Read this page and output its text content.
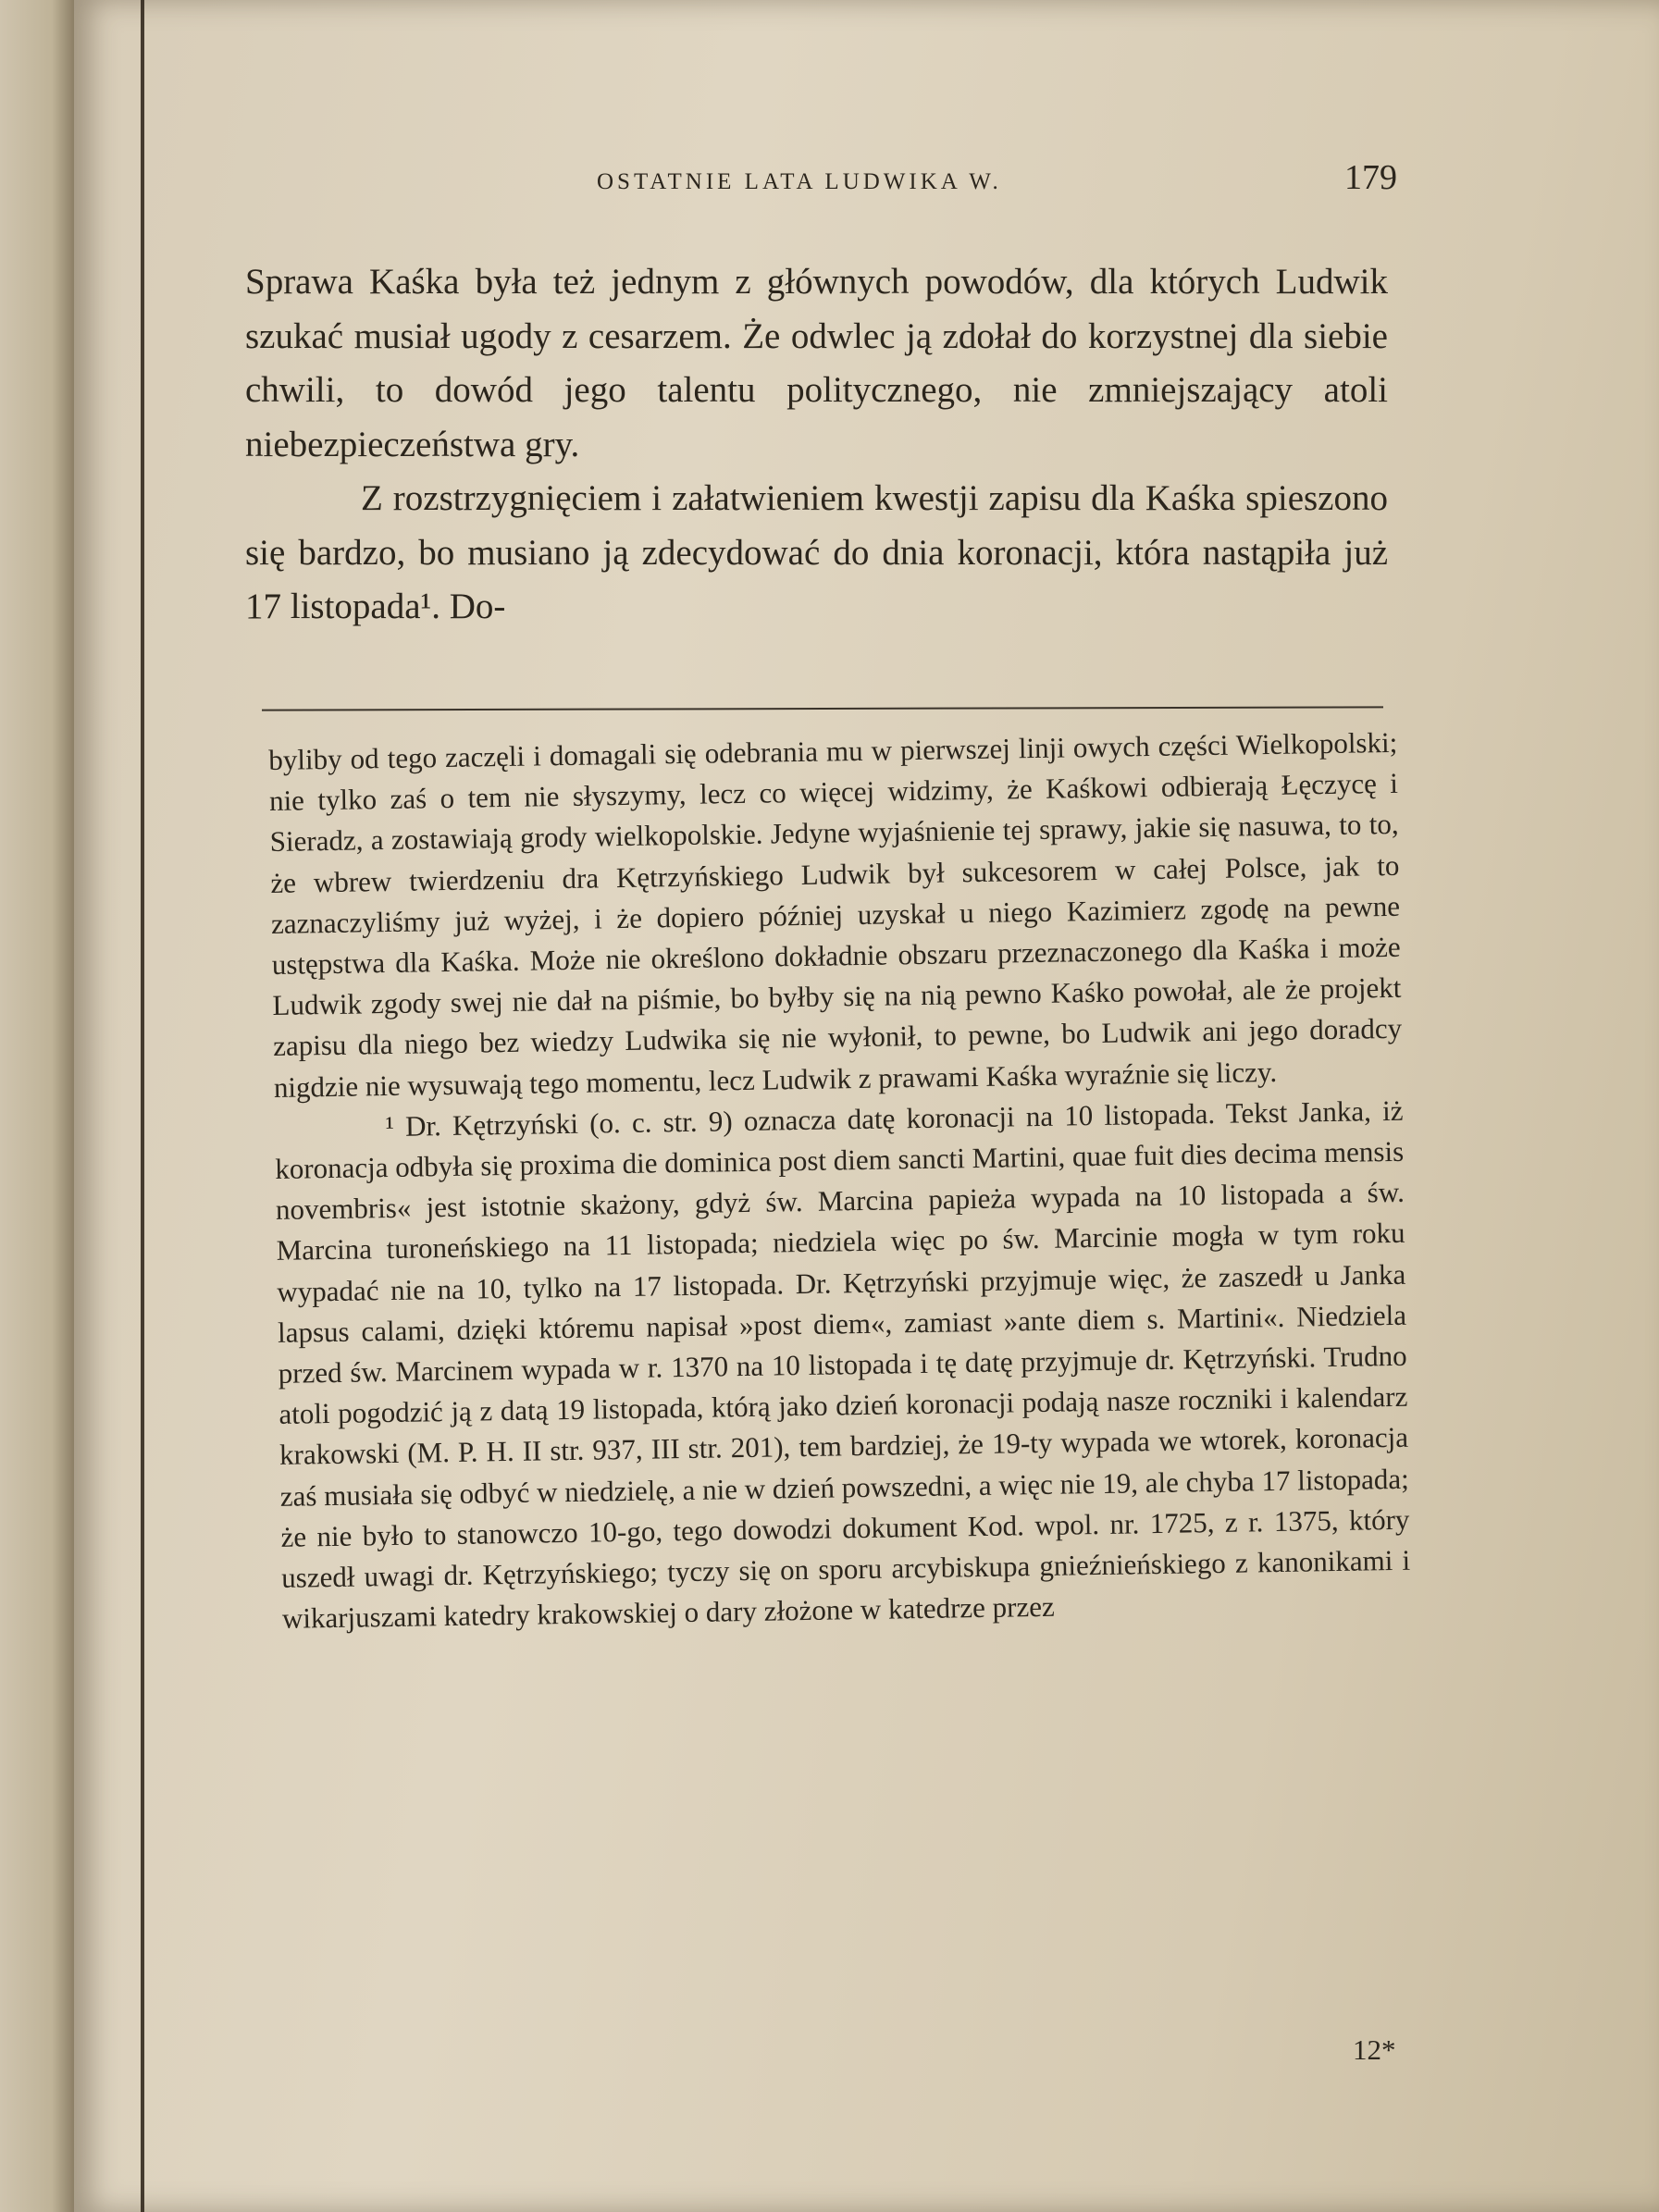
OSTATNIE LATA LUDWIKA W.	179

Sprawa Kaśka była też jednym z głównych powodów, dla których Ludwik szukać musiał ugody z cesarzem. Że odwlec ją zdołał do korzystnej dla siebie chwili, to dowód jego talentu politycznego, nie zmniejszający atoli niebezpieczeństwa gry.

Z rozstrzygnięciem i załatwieniem kwestji zapisu dla Kaśka spieszono się bardzo, bo musiano ją zdecydować do dnia koronacji, która nastąpiła już 17 listopada¹. Do-

byliby od tego zaczęli i domagali się odebrania mu w pierwszej linji owych części Wielkopolski; nie tylko zaś o tem nie słyszymy, lecz co więcej widzimy, że Kaśkowi odbierają Łęczycę i Sieradz, a zostawiają grody wielkopolskie. Jedyne wyjaśnienie tej sprawy, jakie się nasuwa, to to, że wbrew twierdzeniu dra Kętrzyńskiego Ludwik był sukcesorem w całej Polsce, jak to zaznaczyliśmy już wyżej, i że dopiero później uzyskał u niego Kazimierz zgodę na pewne ustępstwa dla Kaśka. Może nie określono dokładnie obszaru przeznaczonego dla Kaśka i może Ludwik zgody swej nie dał na piśmie, bo byłby się na nią pewno Kaśko powołał, ale że projekt zapisu dla niego bez wiedzy Ludwika się nie wyłonił, to pewne, bo Ludwik ani jego doradcy nigdzie nie wysuwają tego momentu, lecz Ludwik z prawami Kaśka wyraźnie się liczy.

¹ Dr. Kętrzyński (o. c. str. 9) oznacza datę koronacji na 10 listopada. Tekst Janka, iż koronacja odbyła się proxima die dominica post diem sancti Martini, quae fuit dies decima mensis novembris« jest istotnie skażony, gdyż św. Marcina papieża wypada na 10 listopada a św. Marcina turoneńskiego na 11 listopada; niedziela więc po św. Marcinie mogła w tym roku wypadać nie na 10, tylko na 17 listopada. Dr. Kętrzyński przyjmuje więc, że zaszedł u Janka lapsus calami, dzięki któremu napisał »post diem«, zamiast »ante diem s. Martini«. Niedziela przed św. Marcinem wypada w r. 1370 na 10 listopada i tę datę przyjmuje dr. Kętrzyński. Trudno atoli pogodzić ją z datą 19 listopada, którą jako dzień koronacji podają nasze roczniki i kalendarz krakowski (M. P. H. II str. 937, III str. 201), tem bardziej, że 19-ty wypada we wtorek, koronacja zaś musiała się odbyć w niedzielę, a nie w dzień powszedni, a więc nie 19, ale chyba 17 listopada; że nie było to stanowczo 10-go, tego dowodzi dokument Kod. wpol. nr. 1725, z r. 1375, który uszedł uwagi dr. Kętrzyńskiego; tyczy się on sporu arcybiskupa gnieźnieńskiego z kanonikami i wikarjuszami katedry krakowskiej o dary złożone w katedrze przez

12*
